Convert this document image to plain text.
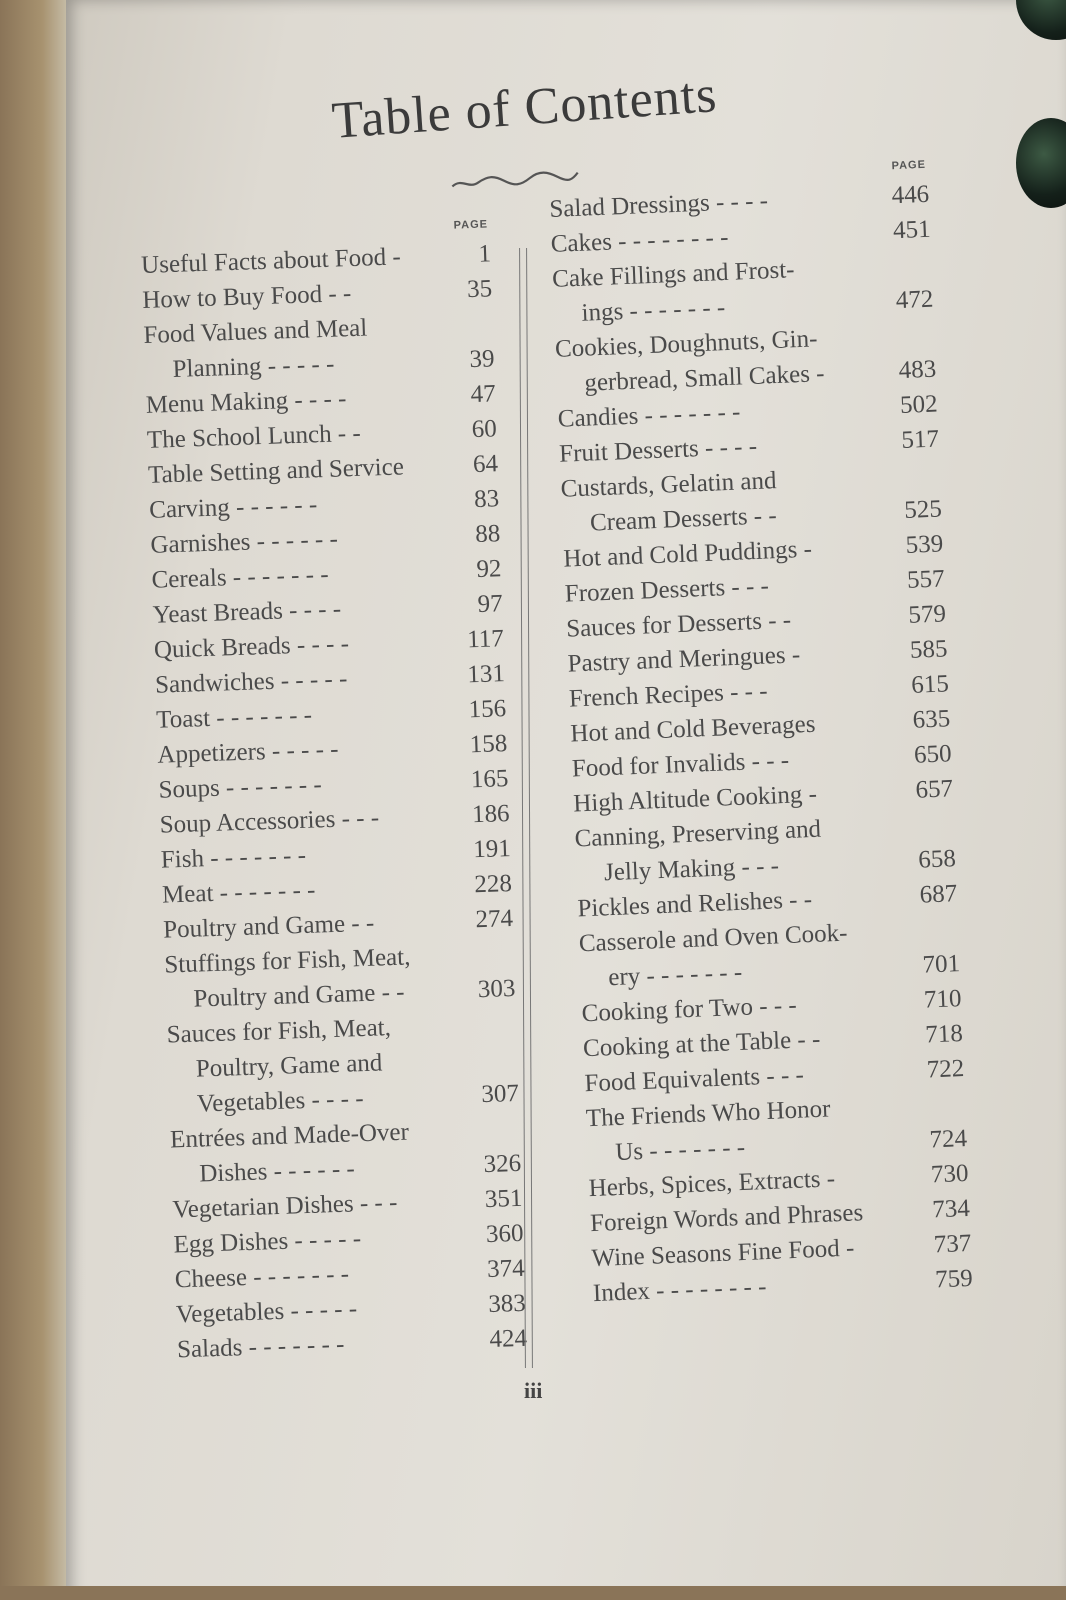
Table of Contents
PAGE
Useful Facts about Food -	1
How to Buy Food - -	35
Food Values and Meal
Planning - - - - -	39
Menu Making - - - -	47
The School Lunch - -	60
Table Setting and Service	64
Carving - - - - - -	83
Garnishes - - - - - -	88
Cereals - - - - - - -	92
Yeast Breads - - - -	97
Quick Breads - - - -	117
Sandwiches - - - - -	131
Toast - - - - - - -	156
Appetizers - - - - -	158
Soups - - - - - - -	165
Soup Accessories - - -	186
Fish - - - - - - -	191
Meat - - - - - - -	228
Poultry and Game - -	274
Stuffings for Fish, Meat,
Poultry and Game - -	303
Sauces for Fish, Meat,
Poultry, Game and
Vegetables - - - -	307
Entrées and Made-Over
Dishes - - - - - -	326
Vegetarian Dishes - - -	351
Egg Dishes - - - - -	360
Cheese - - - - - - -	374
Vegetables - - - - -	383
Salads - - - - - - -	424
PAGE
Salad Dressings - - - -	446
Cakes - - - - - - - -	451
Cake Fillings and Frost-
ings - - - - - - -	472
Cookies, Doughnuts, Gin-
gerbread, Small Cakes -	483
Candies - - - - - - -	502
Fruit Desserts - - - -	517
Custards, Gelatin and
Cream Desserts - -	525
Hot and Cold Puddings -	539
Frozen Desserts - - -	557
Sauces for Desserts - -	579
Pastry and Meringues -	585
French Recipes - - -	615
Hot and Cold Beverages	635
Food for Invalids - - -	650
High Altitude Cooking -	657
Canning, Preserving and
Jelly Making - - -	658
Pickles and Relishes - -	687
Casserole and Oven Cook-
ery - - - - - - -	701
Cooking for Two - - -	710
Cooking at the Table - -	718
Food Equivalents - - -	722
The Friends Who Honor
Us - - - - - - -	724
Herbs, Spices, Extracts -	730
Foreign Words and Phrases	734
Wine Seasons Fine Food -	737
Index - - - - - - - -	759
iii
